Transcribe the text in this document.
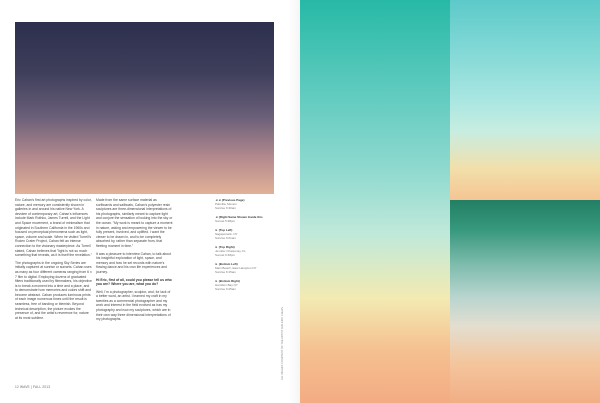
Eric Cahan's first art photographs inspired by color, nature, and memory are consistently shown in galleries in and around his native New York. A devotee of contemporary art, Cahan's influences include Mark Rothko, James Turrell, and the Light and Space movement, a brand of minimalism that originated in Southern California in the 1960s and focused on perceptual phenomena such as light, space, volume and scale. When he visited Turrell's Roden Crater Project, Cahan felt an intense connection to the visionary masterpiece. As Turrell stated, Cahan believes that "light is not so much something that reveals, as it is itself the revelation."

The photographs in the ongoing Sky Series are initially captured at sunrise or sunsets. Cahan uses as many as four different cameras ranging from 6 x 7 film to digital. Employing dozens of graduated filters traditionally used by filmmakers, his objective is to break a moment into a time and a place, and to demonstrate how memories and colors shift and become abstract. Cahan produces luminous prints of each image numerous times until the result is seamless, free of banding or blemish. Beyond technical description, the picture evokes the presence of, and the artist's reverence for, nature at its most sublime.

Made from the same surface material as surfboards and sailboats, Cahan's polyester resin sculptures are three-dimensional interpretations of his photographs, similarly meant to capture light and conjure the sensation of looking into the sky or the ocean. "My work is meant to capture a moment in nature, asking and empowering the viewer to be fully present, involved, and uplifted. I want the viewer to be drawn in, and to be completely absorbed by, rather than separate from, that fleeting moment in time."

It was a pleasure to interview Cahan, to talk about his insightful exploration of light, space, and memory and how he set records with nature's flowing dance and his own life experiences and journey.

Hi Eric, first of all, could you please tell us who you are? Where you are, what you do?

Well, I'm a photographer, sculptor, and, for lack of a better word, an artist. I learned my craft in my twenties as a commercial photographer and my work and interest in the field evolved as has my photography and now my sculptures, which are in their own way three dimensional interpretations of my photographs.

◄◄ (Previous Page)
Palmilla, Mexico
Sunrise 6:30am
◄ (Right Same Shown Inside this
Sunset 5:38pm
► (Top Left)
Sagaponack, NY
Sunrise 6:01am
► (Top Right)
Jennifer Chastenay, FL
Sunset 6:48pm
► (Bottom Left)
Main Beach, East Hampton NY
Sunrise 6:15am
► (Bottom Right)
Hamilton Bay NY
Sunrise 6:25am
ALL IMAGES COURTESY OF THE ARTIST AND ERIC CAHAN
12 WAVE | FALL 2013
